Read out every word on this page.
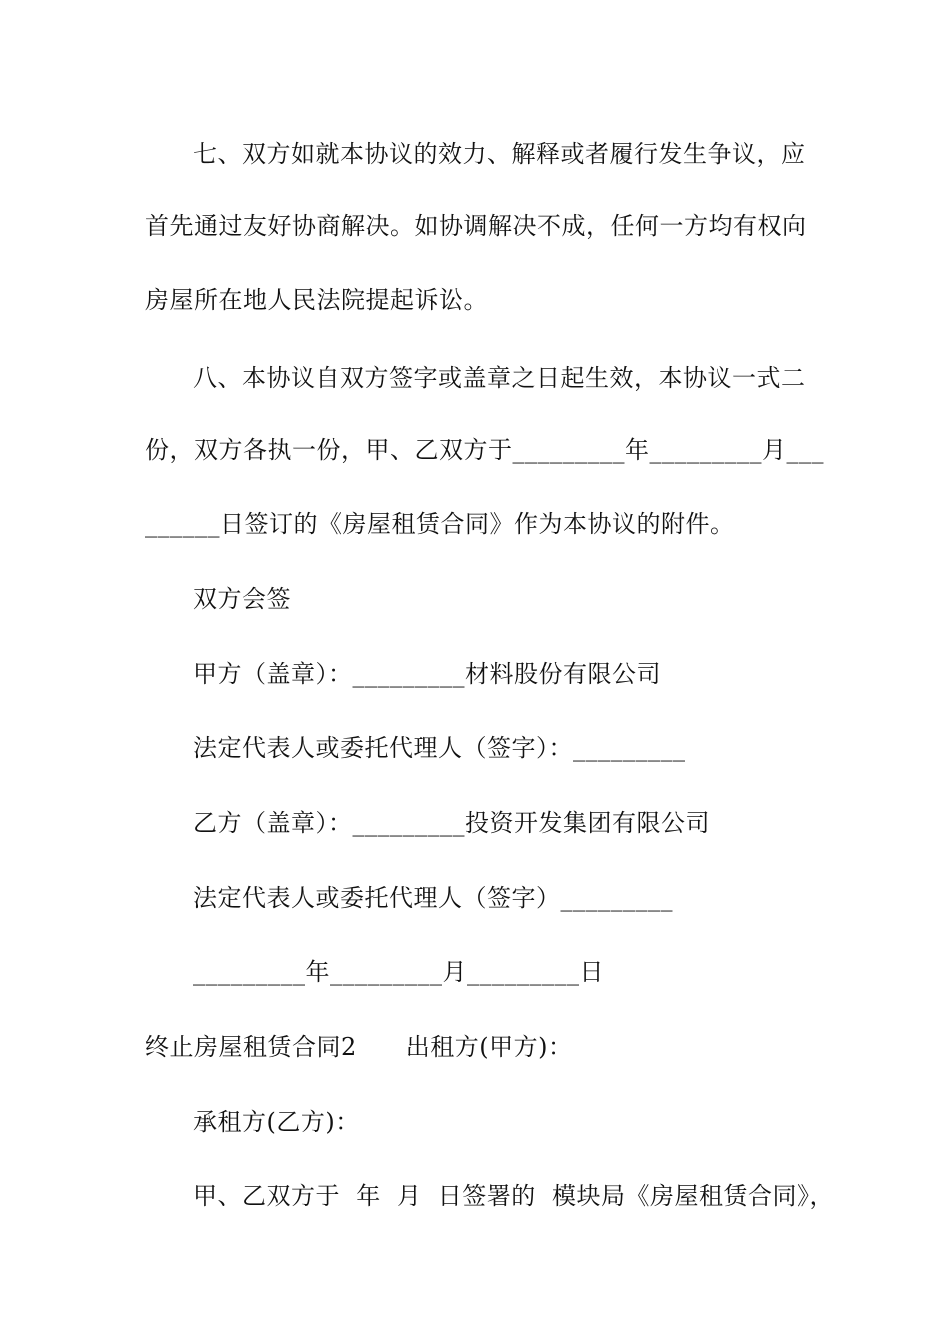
七、双方如就本协议的效力、解释或者履行发生争议，应
首先通过友好协商解决。如协调解决不成，任何一方均有权向
房屋所在地人民法院提起诉讼。
八、本协议自双方签字或盖章之日起生效，本协议一式二
份，双方各执一份，甲、乙双方于_________年_________月___
______日签订的《房屋租赁合同》作为本协议的附件。
双方会签
甲方（盖章）：_________材料股份有限公司
法定代表人或委托代理人（签字）：_________
乙方（盖章）：_________投资开发集团有限公司
法定代表人或委托代理人（签字）_________
_________年_________月_________日
终止房屋租赁合同2　　出租方(甲方)：
承租方(乙方)：
甲、乙双方于  年  月  日签署的  模块局《房屋租赁合同》，
